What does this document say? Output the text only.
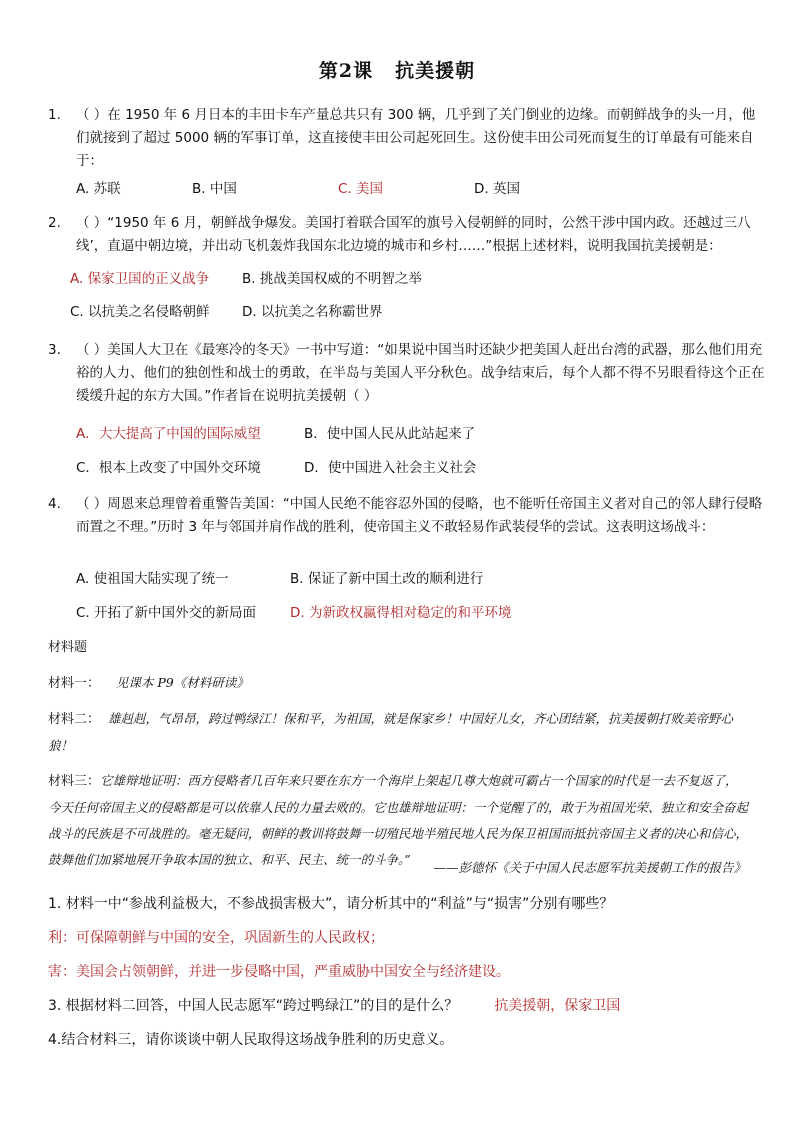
第2课 抗美援朝
1.	（ ）在 1950 年 6 月日本的丰田卡车产量总共只有 300 辆，几乎到了关门倒业的边缘。而朝鲜战争的头一月，他们就接到了超过 5000 辆的军事订单，这直接使丰田公司起死回生。这份使丰田公司死而复生的订单最有可能来自于：
A. 苏联	B. 中国	C. 美国	D. 英国
2.	（ ）“1950 年 6 月，朝鲜战争爆发。美国打着联合国军的旗号入侵朝鲜的同时，公然干涉中国内政。还越过三八线’，直逼中朝边境，并出动飞机轰炸我国东北边境的城市和乡村……”根据上述材料，说明我国抗美援朝是：
A. 保家卫国的正义战争 B. 挑战美国权威的不明智之举
C. 以抗美之名侵略朝鲜 D. 以抗美之名称霸世界
3.	（ ）美国人大卫在《最寒冷的冬天》一书中写道：“如果说中国当时还缺少把美国人赶出台湾的武器，那么他们用充裕的人力、他们的独创性和战士的勇敢，在半岛与美国人平分秋色。战争结束后，每个人都不得不另眼看待这个正在缓缓升起的东方大国。”作者旨在说明抗美援朝（ ）
A．大大提高了中国的国际威望	B．使中国人民从此站起来了
C．根本上改变了中国外交环境	D．使中国进入社会主义社会
4.	（ ）周恩来总理曾着重警告美国：“中国人民绝不能容忍外国的侵略，也不能听任帝国主义者对自己的邻人肆行侵略而置之不理。”历时 3 年与邻国并肩作战的胜利，使帝国主义不敢轻易作武装侵华的尝试。这表明这场战斗：
A. 使祖国大陆实现了统一	B. 保证了新中国土改的顺利进行
C. 开拓了新中国外交的新局面	D. 为新政权赢得相对稳定的和平环境
材料题
材料一： 见课本 P9《材料研读》
材料二： 雄赳赳，气昂昂，跨过鸭绿江！保和平，为祖国，就是保家乡！中国好儿女，齐心团结紧，抗美援朝打败美帝野心狼！
材料三：它雄辩地证明：西方侵略者几百年来只要在东方一个海岸上架起几尊大炮就可霸占一个国家的时代是一去不复返了，今天任何帝国主义的侵略都是可以依靠人民的力量去败的。它也雄辩地证明：一个觉醒了的，敢于为祖国光荣、独立和安全奋起战斗的民族是不可战胜的。毫无疑问，朝鲜的教训将鼓舞一切殖民地半殖民地人民为保卫祖国而抵抗帝国主义者的决心和信心，鼓舞他们加紧地展开争取本国的独立、和平、民主、统一的斗争。”
——彭德怀《关于中国人民志愿军抗美援朝工作的报告》
1. 材料一中“参战利益极大，不参战损害极大”，请分析其中的“利益”与“损害”分别有哪些？
利：可保障朝鲜与中国的安全，巩固新生的人民政权；
害：美国会占领朝鲜，并进一步侵略中国，严重威胁中国安全与经济建设。
3. 根据材料二回答，中国人民志愿军“跨过鸭绿江”的目的是什么？	抗美援朝，保家卫国
4.结合材料三，请你谈谈中朝人民取得这场战争胜利的历史意义。
